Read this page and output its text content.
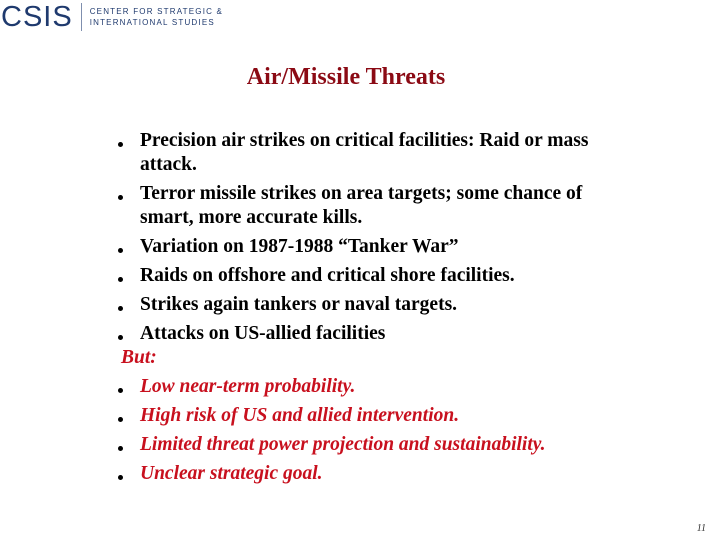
CSIS CENTER FOR STRATEGIC &
INTERNATIONAL STUDIES
Air/Missile Threats
Precision air strikes on critical facilities: Raid or mass attack.
Terror missile strikes on area targets; some chance of smart, more accurate kills.
Variation on 1987-1988 “Tanker War”
Raids on offshore and critical shore facilities.
Strikes again tankers or naval targets.
Attacks on US-allied facilities
But:
Low near-term probability.
High risk of US and allied intervention.
Limited threat power projection and sustainability.
Unclear strategic goal.
11
